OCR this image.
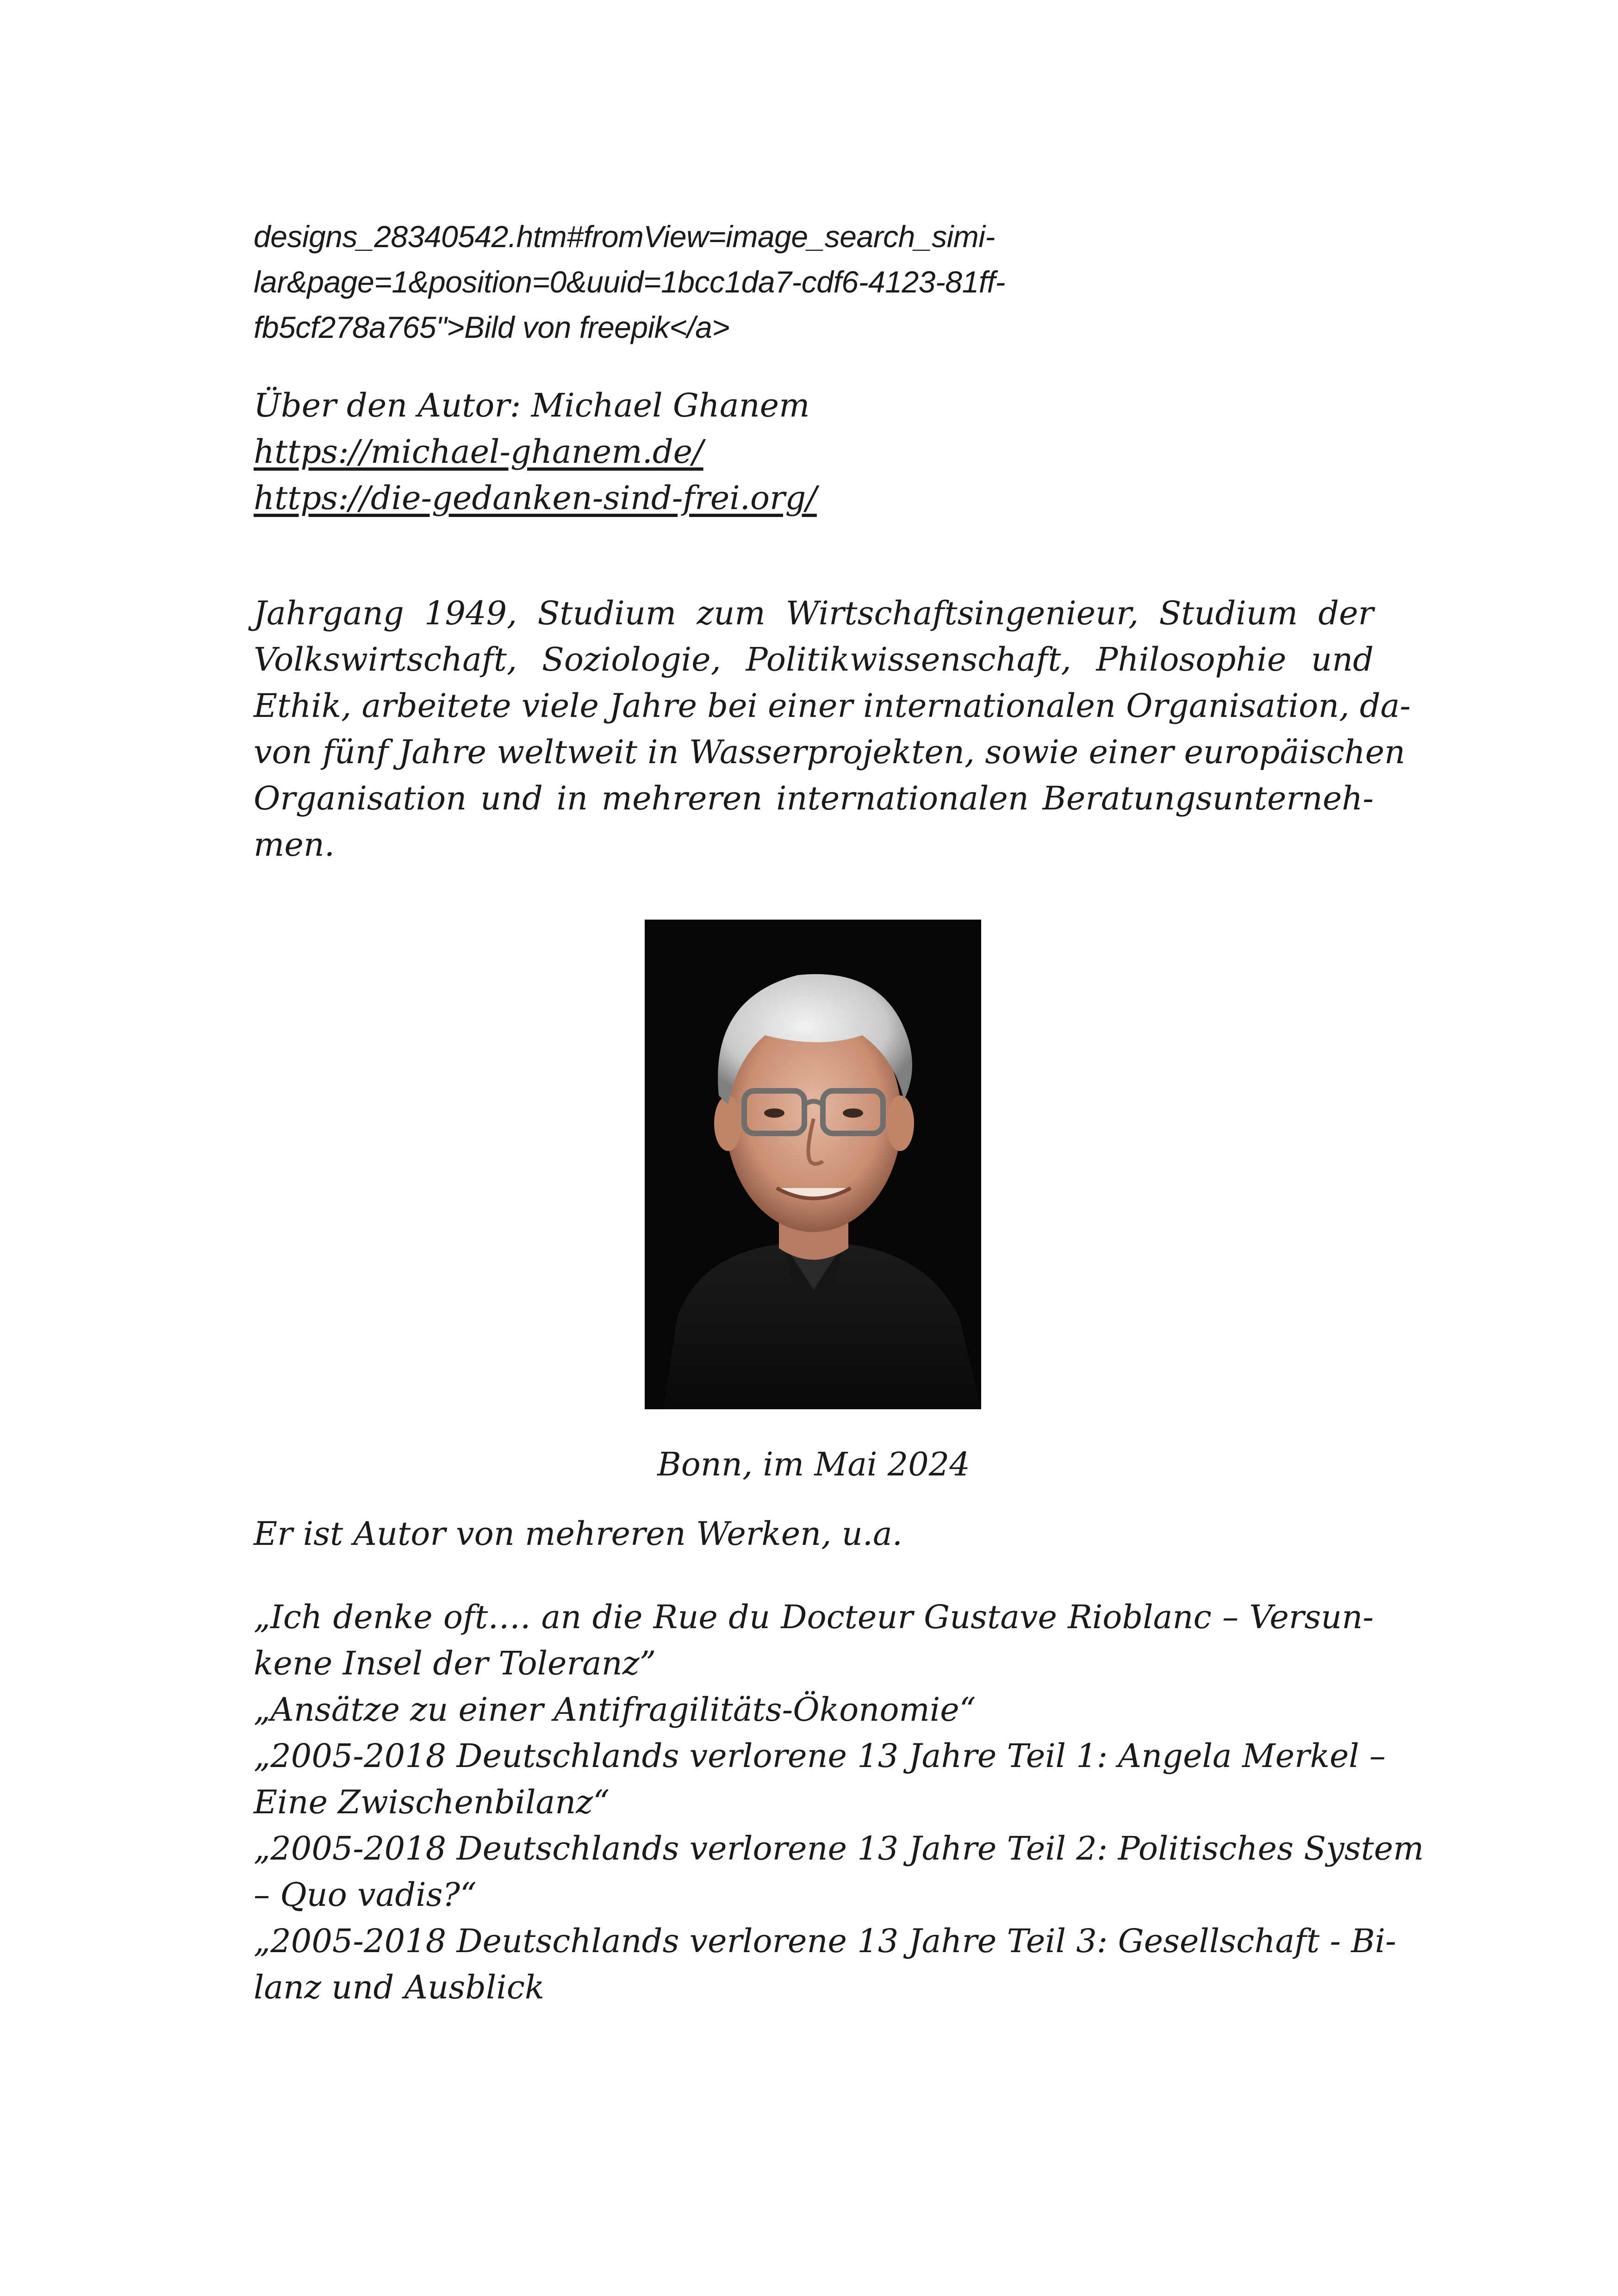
designs_28340542.htm#fromView=image_search_simi-
lar&page=1&position=0&uuid=1bcc1da7-cdf6-4123-81ff-
fb5cf278a765">Bild von freepik</a>
Über den Autor: Michael Ghanem
https://michael-ghanem.de/
https://die-gedanken-sind-frei.org/
Jahrgang 1949, Studium zum Wirtschaftsingenieur, Studium der
Volkswirtschaft, Soziologie, Politikwissenschaft, Philosophie und
Ethik, arbeitete viele Jahre bei einer internationalen Organisation, da-
von fünf Jahre weltweit in Wasserprojekten, sowie einer europäischen
Organisation und in mehreren internationalen Beratungsunterneh-
men.
Bonn, im Mai 2024
Er ist Autor von mehreren Werken, u.a.
„Ich denke oft…. an die Rue du Docteur Gustave Rioblanc – Versun-
kene Insel der Toleranz”
„Ansätze zu einer Antifragilitäts-Ökonomie“
„2005-2018 Deutschlands verlorene 13 Jahre Teil 1: Angela Merkel –
Eine Zwischenbilanz“
„2005-2018 Deutschlands verlorene 13 Jahre Teil 2: Politisches System
– Quo vadis?“
„2005-2018 Deutschlands verlorene 13 Jahre Teil 3: Gesellschaft - Bi-
lanz und Ausblick
